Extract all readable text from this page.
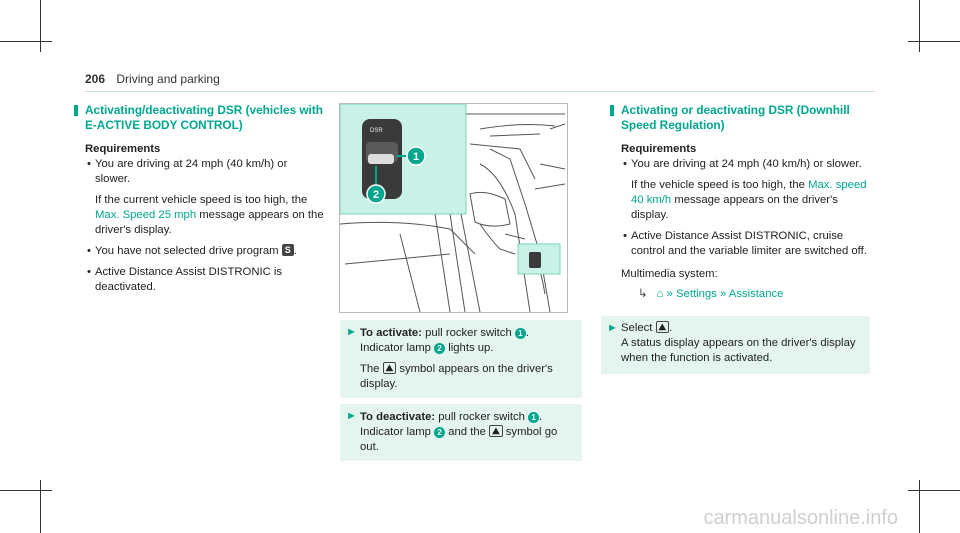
206 Driving and parking
Activating/deactivating DSR (vehicles with E-ACTIVE BODY CONTROL)
Requirements
• You are driving at 24 mph (40 km/h) or slower.
If the current vehicle speed is too high, the Max. Speed 25 mph message appears on the driver's display.
• You have not selected drive program S .
• Active Distance Assist DISTRONIC is deactivated.
DSR
1
2
► To activate: pull rocker switch 1 .
Indicator lamp 2 lights up.
The ⛰ symbol appears on the driver's display.
► To deactivate: pull rocker switch 1 .
Indicator lamp 2 and the ⛰ symbol go out.
Activating or deactivating DSR (Downhill Speed Regulation)
Requirements
• You are driving at 24 mph (40 km/h) or slower.
If the vehicle speed is too high, the Max. speed 40 km/h message appears on the driver's display.
• Active Distance Assist DISTRONIC, cruise control and the variable limiter are switched off.
Multimedia system:
↳ ⌂ » Settings » Assistance
► Select ⛰ .
A status display appears on the driver's display when the function is activated.
carmanualsonline.info
